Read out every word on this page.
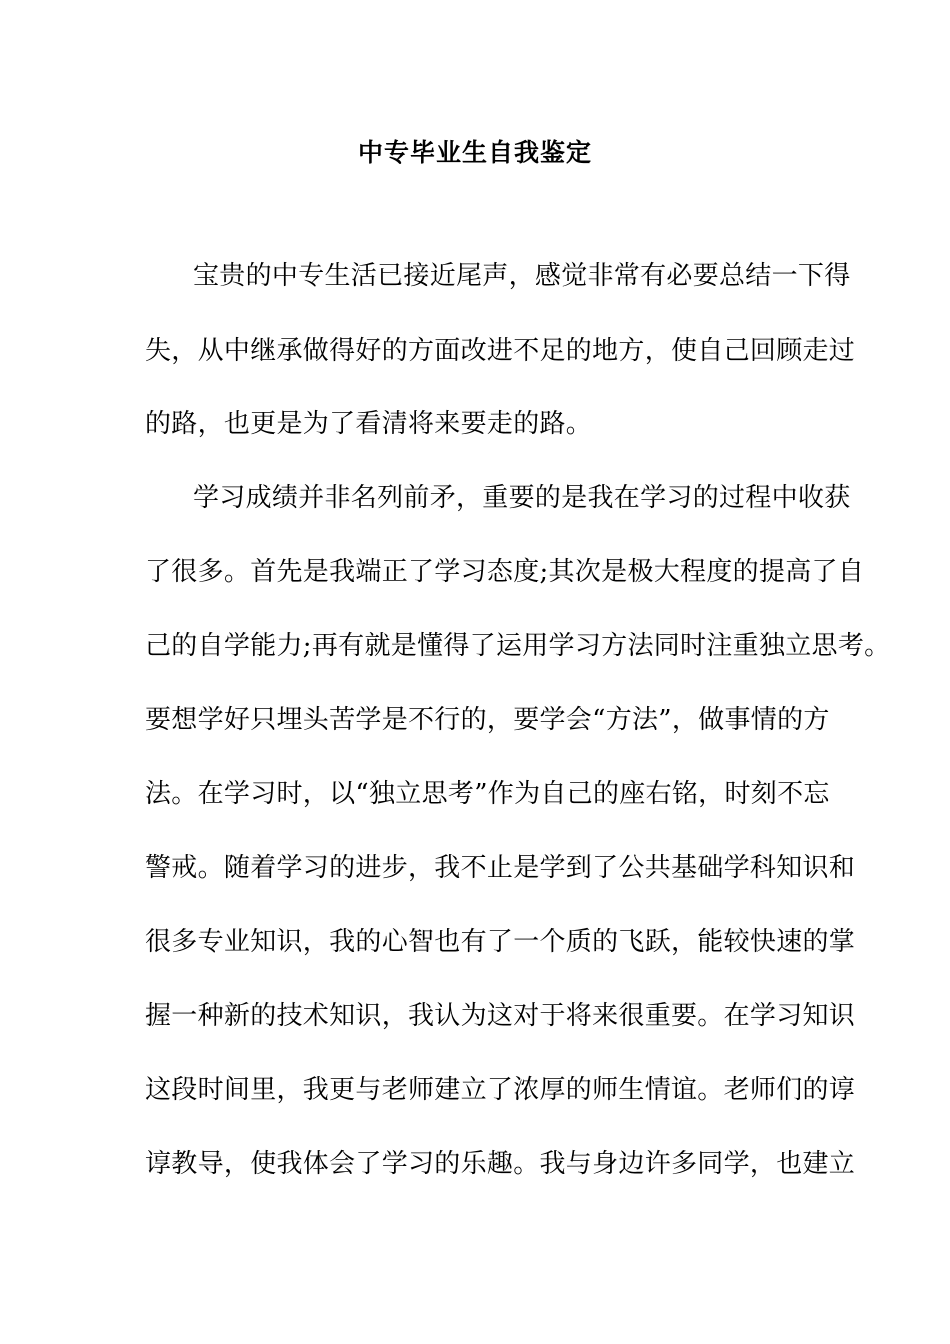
中专毕业生自我鉴定

宝贵的中专生活已接近尾声，感觉非常有必要总结一下得

失，从中继承做得好的方面改进不足的地方，使自己回顾走过

的路，也更是为了看清将来要走的路。

学习成绩并非名列前矛，重要的是我在学习的过程中收获

了很多。首先是我端正了学习态度;其次是极大程度的提高了自

己的自学能力;再有就是懂得了运用学习方法同时注重独立思考。

要想学好只埋头苦学是不行的，要学会“方法”，做事情的方

法。在学习时，以“独立思考”作为自己的座右铭，时刻不忘

警戒。随着学习的进步，我不止是学到了公共基础学科知识和

很多专业知识，我的心智也有了一个质的飞跃，能较快速的掌

握一种新的技术知识，我认为这对于将来很重要。在学习知识

这段时间里，我更与老师建立了浓厚的师生情谊。老师们的谆

谆教导，使我体会了学习的乐趣。我与身边许多同学，也建立
